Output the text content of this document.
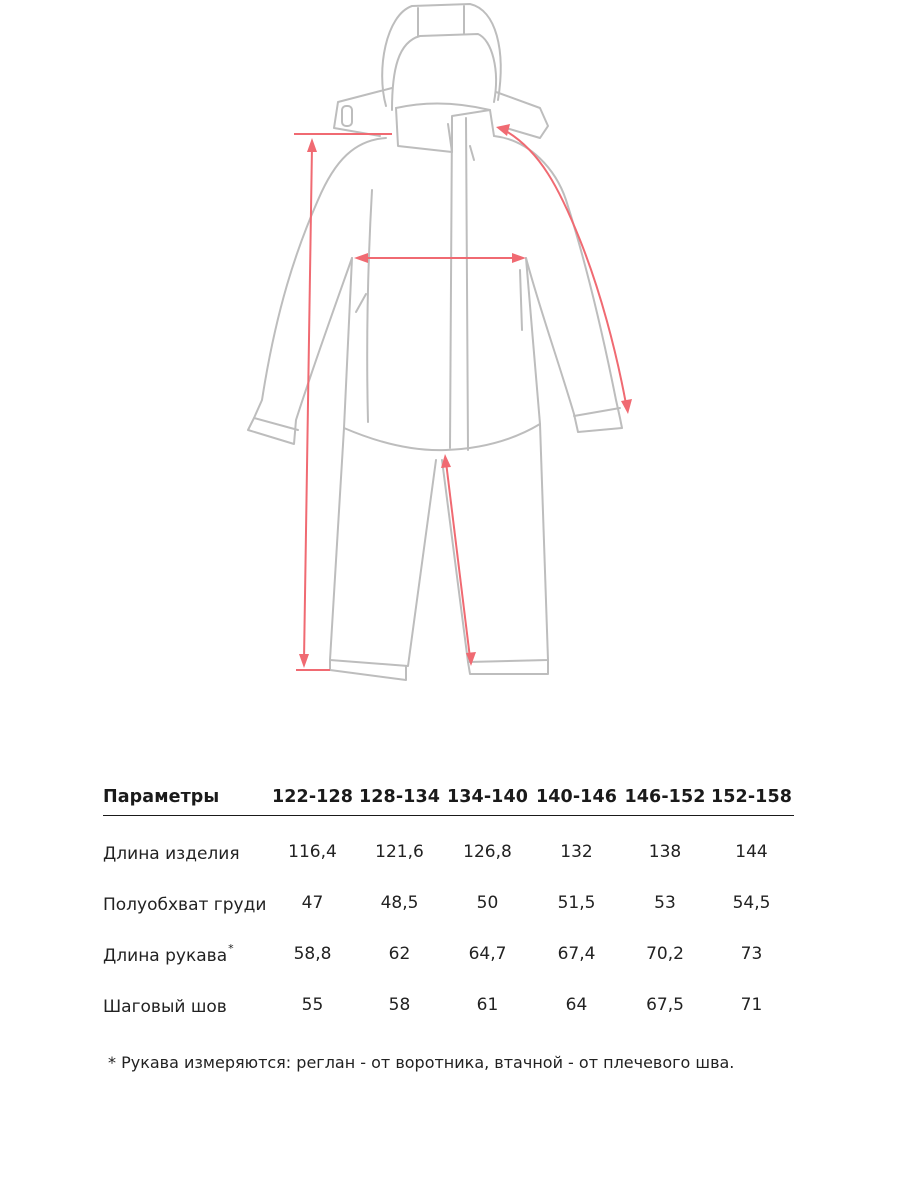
Параметры	122-128	128-134	134-140	140-146	146-152	152-158
Длина изделия	116,4	121,6	126,8	132	138	144
Полуобхват груди	47	48,5	50	51,5	53	54,5
Длина рукава*	58,8	62	64,7	67,4	70,2	73
Шаговый шов	55	58	61	64	67,5	71
* Рукава измеряются: реглан - от воротника, втачной - от плечевого шва.
